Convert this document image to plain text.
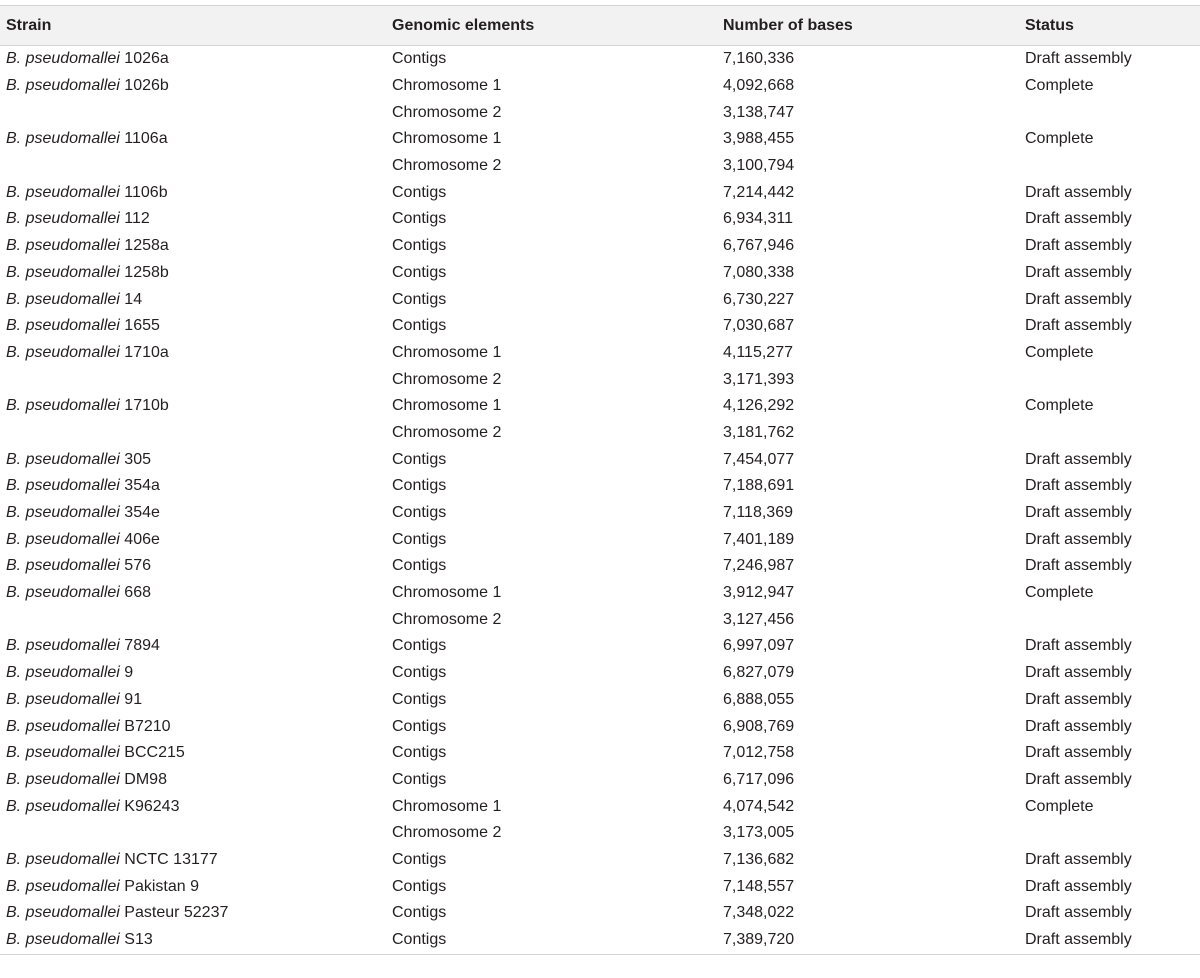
Strain	Genomic elements	Number of bases	Status
B. pseudomallei 1026a	Contigs	7,160,336	Draft assembly
B. pseudomallei 1026b	Chromosome 1	4,092,668	Complete
	Chromosome 2	3,138,747	
B. pseudomallei 1106a	Chromosome 1	3,988,455	Complete
	Chromosome 2	3,100,794	
B. pseudomallei 1106b	Contigs	7,214,442	Draft assembly
B. pseudomallei 112	Contigs	6,934,311	Draft assembly
B. pseudomallei 1258a	Contigs	6,767,946	Draft assembly
B. pseudomallei 1258b	Contigs	7,080,338	Draft assembly
B. pseudomallei 14	Contigs	6,730,227	Draft assembly
B. pseudomallei 1655	Contigs	7,030,687	Draft assembly
B. pseudomallei 1710a	Chromosome 1	4,115,277	Complete
	Chromosome 2	3,171,393	
B. pseudomallei 1710b	Chromosome 1	4,126,292	Complete
	Chromosome 2	3,181,762	
B. pseudomallei 305	Contigs	7,454,077	Draft assembly
B. pseudomallei 354a	Contigs	7,188,691	Draft assembly
B. pseudomallei 354e	Contigs	7,118,369	Draft assembly
B. pseudomallei 406e	Contigs	7,401,189	Draft assembly
B. pseudomallei 576	Contigs	7,246,987	Draft assembly
B. pseudomallei 668	Chromosome 1	3,912,947	Complete
	Chromosome 2	3,127,456	
B. pseudomallei 7894	Contigs	6,997,097	Draft assembly
B. pseudomallei 9	Contigs	6,827,079	Draft assembly
B. pseudomallei 91	Contigs	6,888,055	Draft assembly
B. pseudomallei B7210	Contigs	6,908,769	Draft assembly
B. pseudomallei BCC215	Contigs	7,012,758	Draft assembly
B. pseudomallei DM98	Contigs	6,717,096	Draft assembly
B. pseudomallei K96243	Chromosome 1	4,074,542	Complete
	Chromosome 2	3,173,005	
B. pseudomallei NCTC 13177	Contigs	7,136,682	Draft assembly
B. pseudomallei Pakistan 9	Contigs	7,148,557	Draft assembly
B. pseudomallei Pasteur 52237	Contigs	7,348,022	Draft assembly
B. pseudomallei S13	Contigs	7,389,720	Draft assembly
